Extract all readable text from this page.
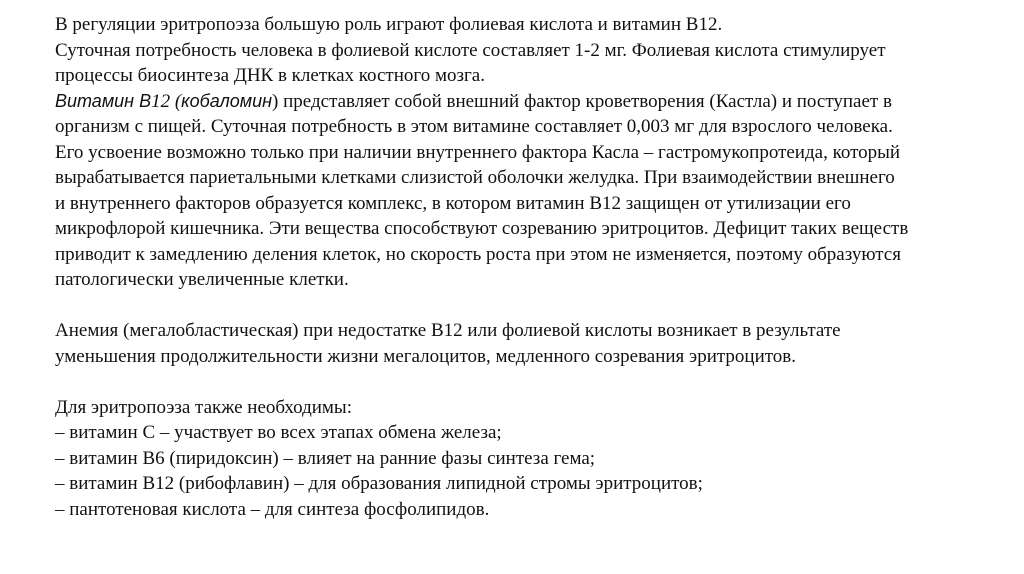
В регуляции эритропоэза большую роль играют фолиевая кислота и витамин В12.
Суточная потребность человека в фолиевой кислоте составляет 1-2 мг. Фолиевая кислота стимулирует
процессы биосинтеза ДНК в клетках костного мозга.
Витамин В12 (кобаломин) представляет собой внешний фактор кроветворения (Кастла) и поступает в
организм с пищей. Суточная потребность в этом витамине составляет 0,003 мг для взрослого человека.
Его усвоение возможно только при наличии внутреннего фактора Касла – гастромукопротеида, который
вырабатывается париетальными клетками слизистой оболочки желудка. При взаимодействии внешнего
и внутреннего факторов образуется комплекс, в котором витамин В12 защищен от утилизации его
микрофлорой кишечника. Эти вещества способствуют созреванию эритроцитов. Дефицит таких веществ
приводит к замедлению деления клеток, но скорость роста при этом не изменяется, поэтому образуются
патологически увеличенные клетки.
Анемия (мегалобластическая) при недостатке В12 или фолиевой кислоты возникает в результате
уменьшения продолжительности жизни мегалоцитов, медленного созревания эритроцитов.
Для эритропоэза также необходимы:
– витамин С – участвует во всех этапах обмена железа;
– витамин В6 (пиридоксин) – влияет на ранние фазы синтеза гема;
– витамин В12 (рибофлавин) – для образования липидной стромы эритроцитов;
– пантотеновая кислота – для синтеза фосфолипидов.
